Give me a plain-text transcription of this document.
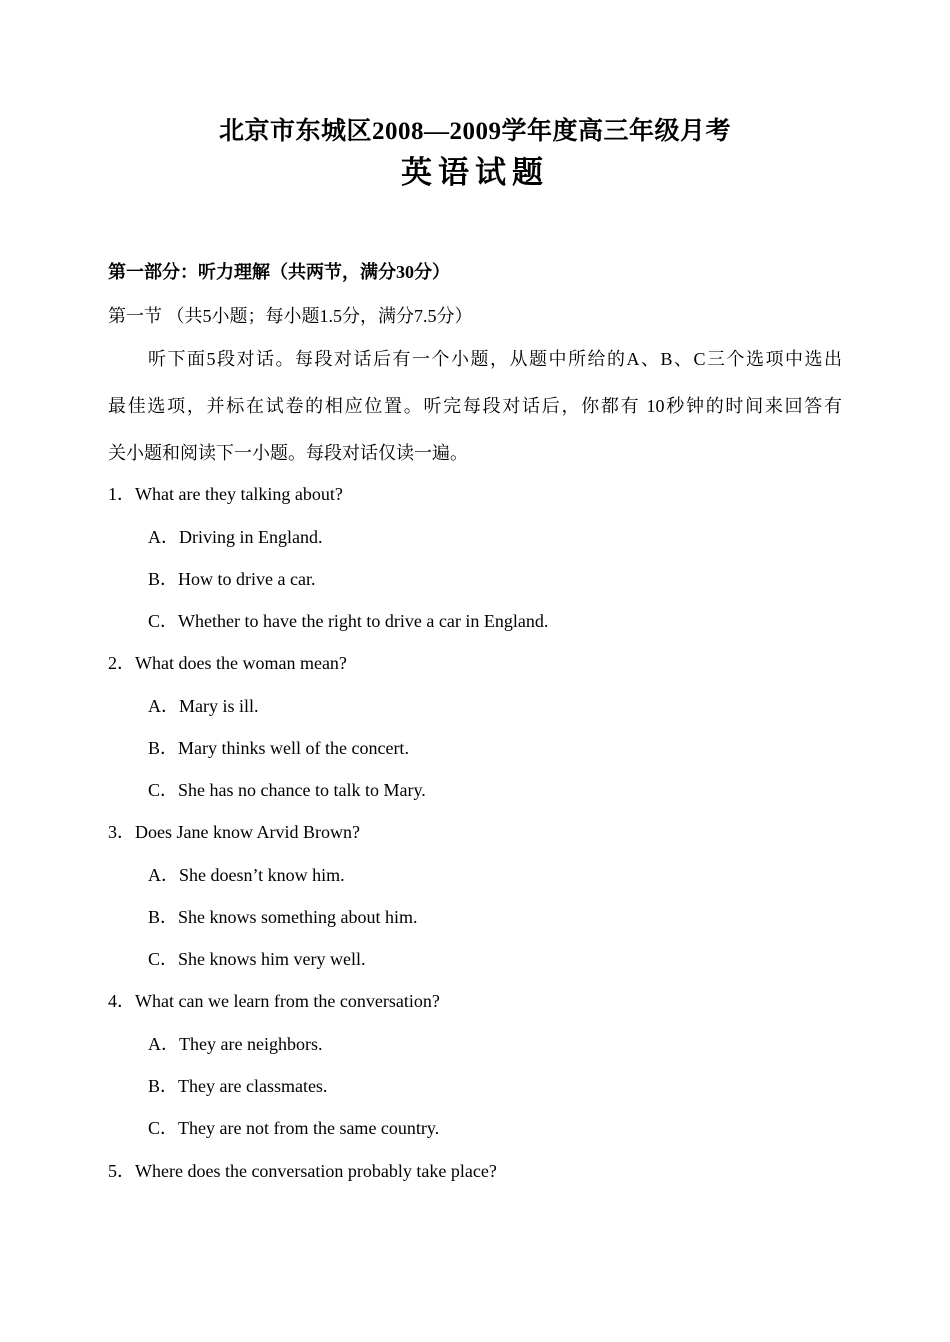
北京市东城区2008—2009学年度高三年级月考
英语试题
第一部分：听力理解（共两节，满分30分）
第一节 （共5小题；每小题1.5分，满分7.5分）
听下面5段对话。每段对话后有一个小题，从题中所给的A、B、C三个选项中选出
最佳选项，并标在试卷的相应位置。听完每段对话后，你都有 10秒钟的时间来回答有
关小题和阅读下一小题。每段对话仅读一遍。
1．What are they talking about?
A．Driving in England.
B．How to drive a car.
C．Whether to have the right to drive a car in England.
2．What does the woman mean?
A．Mary is ill.
B．Mary thinks well of the concert.
C．She has no chance to talk to Mary.
3．Does Jane know Arvid Brown?
A．She doesn’t know him.
B．She knows something about him.
C．She knows him very well.
4．What can we learn from the conversation?
A．They are neighbors.
B．They are classmates.
C．They are not from the same country.
5．Where does the conversation probably take place?
